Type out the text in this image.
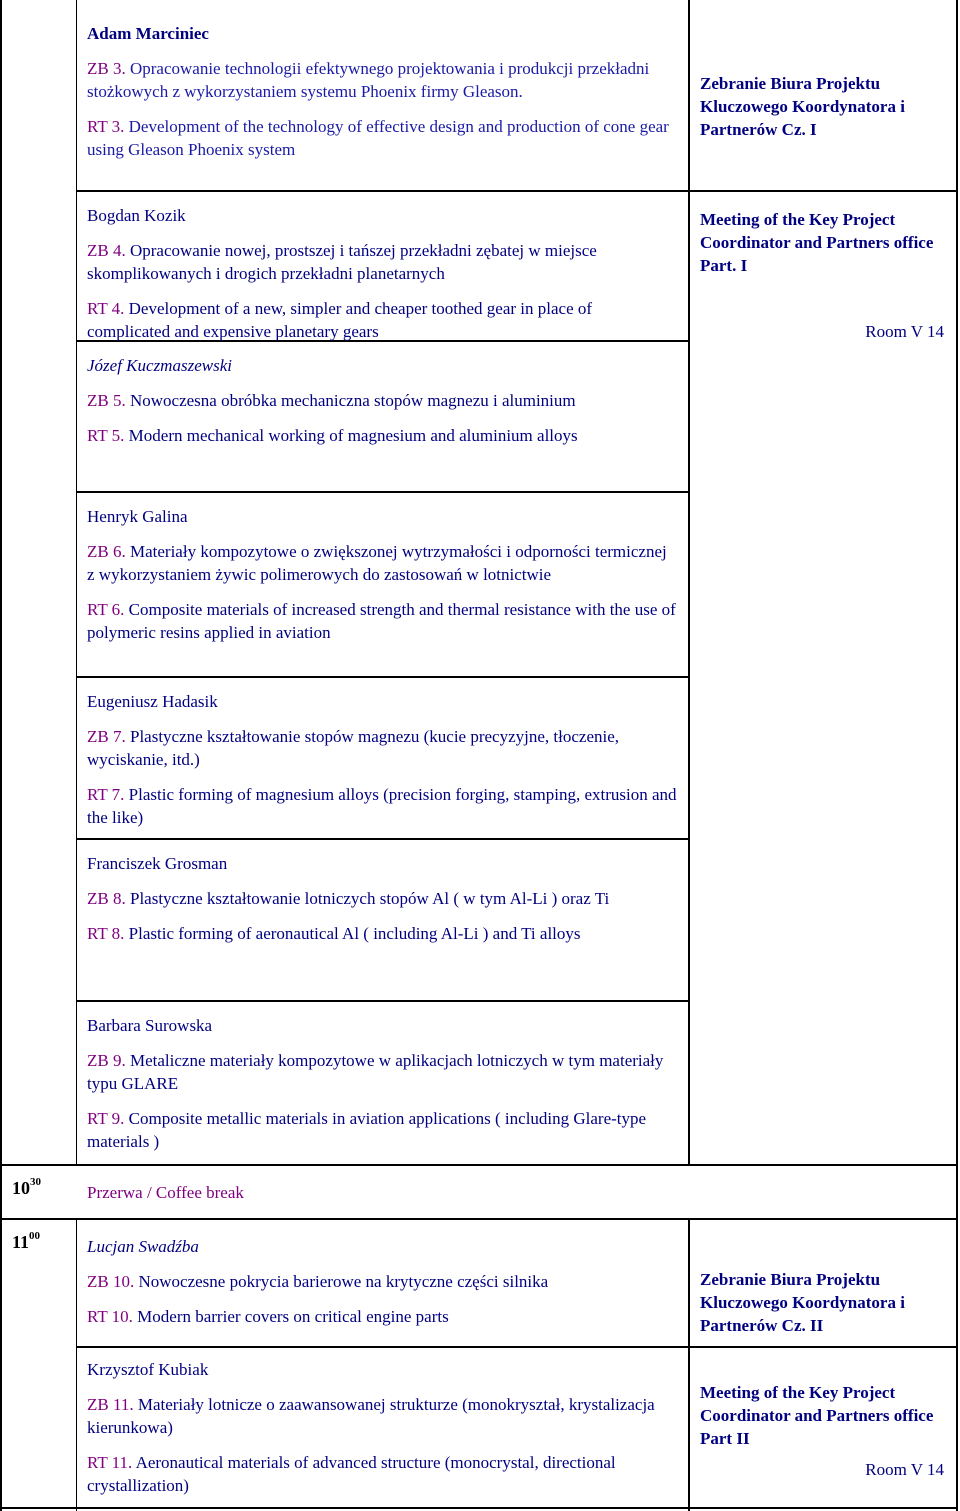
Adam Marciniec

ZB 3. Opracowanie technologii efektywnego projektowania i produkcji przekładni stożkowych z wykorzystaniem systemu Phoenix firmy Gleason.

RT 3. Development of the technology of effective design and production of cone gear using Gleason Phoenix system

Bogdan Kozik

ZB 4. Opracowanie nowej, prostszej i tańszej przekładni zębatej w miejsce skomplikowanych i drogich przekładni planetarnych

RT 4. Development of a new, simpler and cheaper toothed gear in place of complicated and expensive planetary gears

Józef Kuczmaszewski

ZB 5. Nowoczesna obróbka mechaniczna stopów magnezu i aluminium

RT 5. Modern mechanical working of magnesium and aluminium alloys

Henryk Galina

ZB 6. Materiały kompozytowe o zwiększonej wytrzymałości i odporności termicznej z wykorzystaniem żywic polimerowych do zastosowań w lotnictwie

RT 6. Composite materials of increased strength and thermal resistance with the use of polymeric resins applied in aviation

Eugeniusz Hadasik

ZB 7. Plastyczne kształtowanie stopów magnezu (kucie precyzyjne, tłoczenie, wyciskanie, itd.)

RT 7. Plastic forming of magnesium alloys (precision forging, stamping, extrusion and the like)

Franciszek Grosman

ZB 8. Plastyczne kształtowanie lotniczych stopów Al ( w tym Al-Li ) oraz Ti

RT 8. Plastic forming of aeronautical Al ( including Al-Li ) and Ti alloys

Barbara Surowska

ZB 9. Metaliczne materiały kompozytowe w aplikacjach lotniczych w tym materiały typu GLARE

RT 9. Composite metallic materials in aviation applications ( including Glare-type materials )

Zebranie Biura Projektu Kluczowego Koordynatora i Partnerów Cz. I
Meeting of the Key Project Coordinator and Partners office Part. I
Room V 14
$10^{30}$
Przerwa / Coffee break
$11^{00}$

Lucjan Swadźba

ZB 10. Nowoczesne pokrycia barierowe na krytyczne części silnika

RT 10. Modern barrier covers on critical engine parts

Krzysztof Kubiak

ZB 11. Materiały lotnicze o zaawansowanej strukturze (monokryształ, krystalizacja kierunkowa)

RT 11. Aeronautical materials of advanced structure (monocrystal, directional crystallization)

Zebranie Biura Projektu Kluczowego Koordynatora i Partnerów Cz. II
Meeting of the Key Project Coordinator and Partners office Part II
Room V 14
